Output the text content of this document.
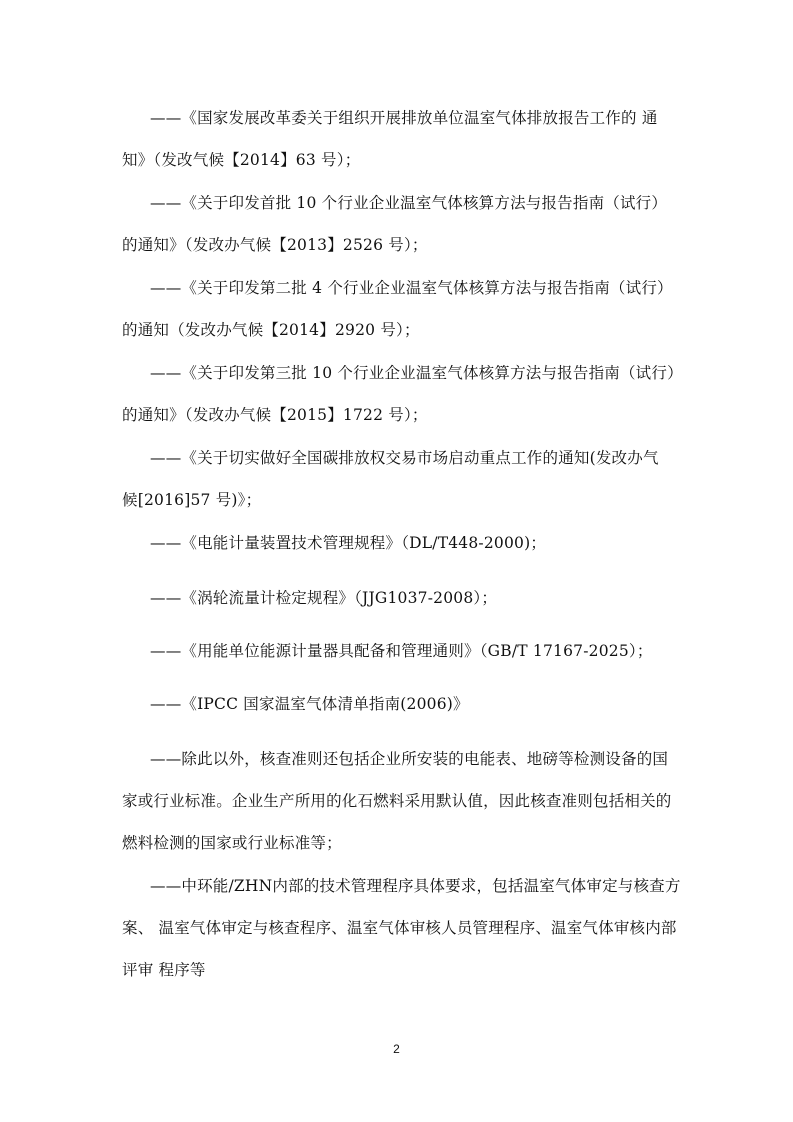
——《国家发展改革委关于组织开展排放单位温室气体排放报告工作的 通
知》（发改气候【2014】63 号）；
——《关于印发首批 10 个行业企业温室气体核算方法与报告指南（试行）
的通知》（发改办气候【2013】2526 号）；
——《关于印发第二批 4 个行业企业温室气体核算方法与报告指南（试行）
的通知（发改办气候【2014】2920 号）；
——《关于印发第三批 10 个行业企业温室气体核算方法与报告指南（试行）
的通知》（发改办气候【2015】1722 号）；
——《关于切实做好全国碳排放权交易市场启动重点工作的通知(发改办气
候[2016]57 号)》；
——《电能计量装置技术管理规程》（DL/T448-2000)；
——《涡轮流量计检定规程》（JJG1037-2008）；
——《用能单位能源计量器具配备和管理通则》（GB/T 17167-2025）；
——《IPCC 国家温室气体清单指南(2006)》
——除此以外，核查准则还包括企业所安装的电能表、地磅等检测设备的国
家或行业标准。企业生产所用的化石燃料采用默认值，因此核查准则包括相关的
燃料检测的国家或行业标准等；
——中环能/ZHN内部的技术管理程序具体要求，包括温室气体审定与核查方
案、 温室气体审定与核查程序、温室气体审核人员管理程序、温室气体审核内部
评审 程序等
2
